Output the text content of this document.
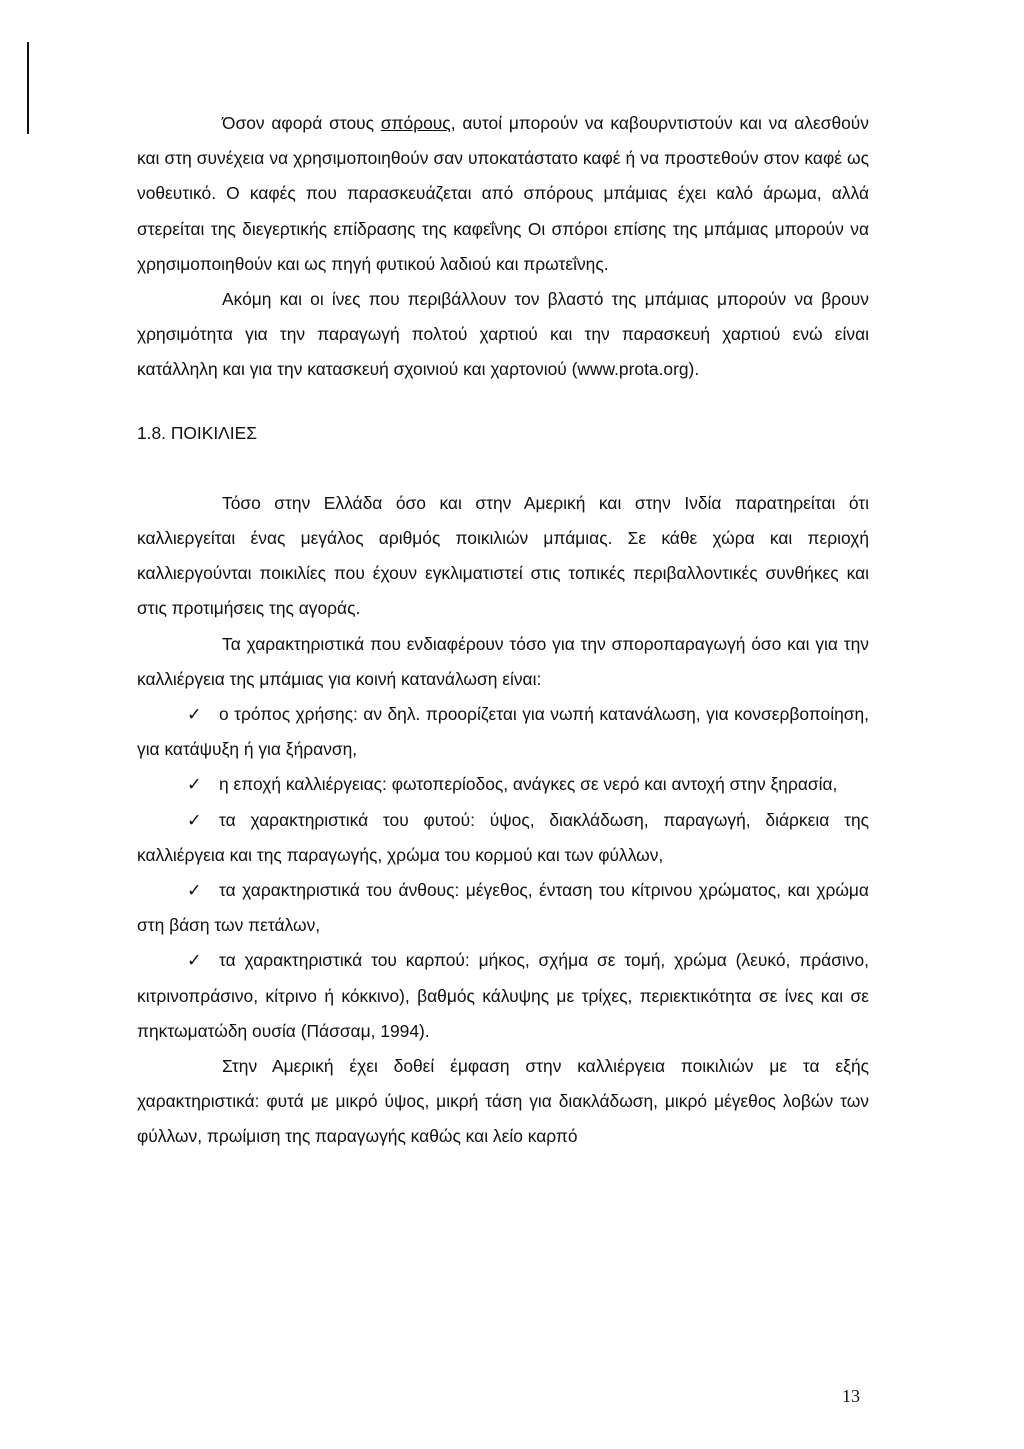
Όσον αφορά στους σπόρους, αυτοί μπορούν να καβουρντιστούν και να αλεσθούν και στη συνέχεια να χρησιμοποιηθούν σαν υποκατάστατο καφέ ή να προστεθούν στον καφέ ως νοθευτικό. Ο καφές που παρασκευάζεται από σπόρους μπάμιας έχει καλό άρωμα, αλλά στερείται της διεγερτικής επίδρασης της καφεΐνης Οι σπόροι επίσης της μπάμιας μπορούν να χρησιμοποιηθούν και ως πηγή φυτικού λαδιού και πρωτεΐνης.

Ακόμη και οι ίνες που περιβάλλουν τον βλαστό της μπάμιας μπορούν να βρουν χρησιμότητα για την παραγωγή πολτού χαρτιού και την παρασκευή χαρτιού ενώ είναι κατάλληλη και για την κατασκευή σχοινιού και χαρτονιού (www.prota.org).

1.8. ΠΟΙΚΙΛΙΕΣ

Τόσο στην Ελλάδα όσο και στην Αμερική και στην Ινδία παρατηρείται ότι καλλιεργείται ένας μεγάλος αριθμός ποικιλιών μπάμιας. Σε κάθε χώρα και περιοχή καλλιεργούνται ποικιλίες που έχουν εγκλιματιστεί στις τοπικές περιβαλλοντικές συνθήκες και στις προτιμήσεις της αγοράς.

Τα χαρακτηριστικά που ενδιαφέρουν τόσο για την σποροπαραγωγή όσο και για την καλλιέργεια της μπάμιας για κοινή κατανάλωση είναι:

✓ ο τρόπος χρήσης: αν δηλ. προορίζεται για νωπή κατανάλωση, για κονσερβοποίηση, για κατάψυξη ή για ξήρανση,

✓ η εποχή καλλιέργειας: φωτοπερίοδος, ανάγκες σε νερό και αντοχή στην ξηρασία,

✓ τα χαρακτηριστικά του φυτού: ύψος, διακλάδωση, παραγωγή, διάρκεια της καλλιέργεια και της παραγωγής, χρώμα του κορμού και των φύλλων,

✓ τα χαρακτηριστικά του άνθους: μέγεθος, ένταση του κίτρινου χρώματος, και χρώμα στη βάση των πετάλων,

✓ τα χαρακτηριστικά του καρπού: μήκος, σχήμα σε τομή, χρώμα (λευκό, πράσινο, κιτρινοπράσινο, κίτρινο ή κόκκινο), βαθμός κάλυψης με τρίχες, περιεκτικότητα σε ίνες και σε πηκτωματώδη ουσία (Πάσσαμ, 1994).

Στην Αμερική έχει δοθεί έμφαση στην καλλιέργεια ποικιλιών με τα εξής χαρακτηριστικά: φυτά με μικρό ύψος, μικρή τάση για διακλάδωση, μικρό μέγεθος λοβών των φύλλων, πρωίμιση της παραγωγής καθώς και λείο καρπό

13
